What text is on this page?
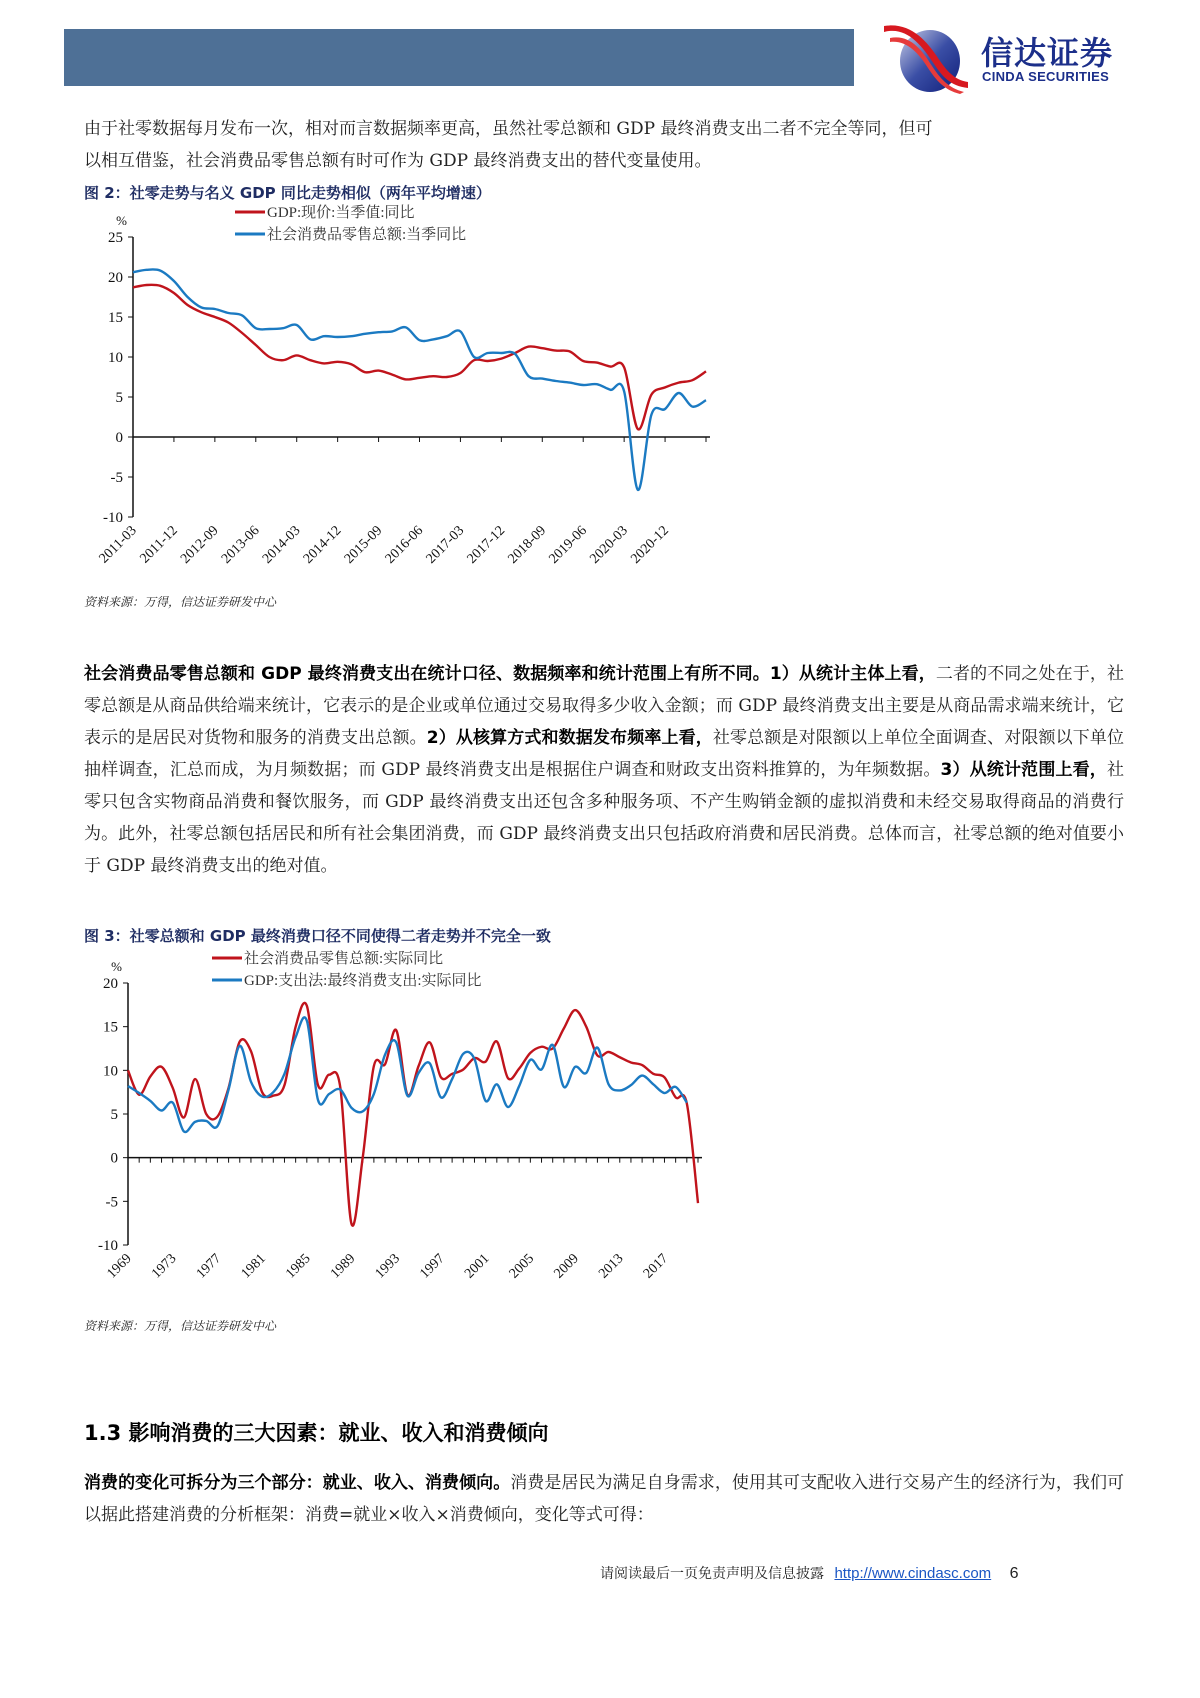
信达证券
CINDA SECURITIES
由于社零数据每月发布一次，相对而言数据频率更高，虽然社零总额和 GDP 最终消费支出二者不完全等同，但可
以相互借鉴，社会消费品零售总额有时可作为 GDP 最终消费支出的替代变量使用。
图 2：社零走势与名义 GDP 同比走势相似（两年平均增速）
-10
-5
0
5
10
15
20
25
%
2011-03
2011-12
2012-09
2013-06
2014-03
2014-12
2015-09
2016-06
2017-03
2017-12
2018-09
2019-06
2020-03
2020-12
GDP:现价:当季值:同比
社会消费品零售总额:当季同比
资料来源：万得，信达证券研发中心
社会消费品零售总额和 GDP 最终消费支出在统计口径、数据频率和统计范围上有所不同。1）从统计主体上看，二者的不同之处在于，社零总额是从商品供给端来统计，它表示的是企业或单位通过交易取得多少收入金额；而 GDP 最终消费支出主要是从商品需求端来统计，它表示的是居民对货物和服务的消费支出总额。2）从核算方式和数据发布频率上看，社零总额是对限额以上单位全面调查、对限额以下单位抽样调查，汇总而成，为月频数据；而 GDP 最终消费支出是根据住户调查和财政支出资料推算的，为年频数据。3）从统计范围上看，社零只包含实物商品消费和餐饮服务，而 GDP 最终消费支出还包含多种服务项、不产生购销金额的虚拟消费和未经交易取得商品的消费行为。此外，社零总额包括居民和所有社会集团消费，而 GDP 最终消费支出只包括政府消费和居民消费。总体而言，社零总额的绝对值要小于 GDP 最终消费支出的绝对值。
图 3：社零总额和 GDP 最终消费口径不同使得二者走势并不完全一致
-10
-5
0
5
10
15
20
%
1969 1973 1977 1981 1985 1989 1993 1997 2001 2005 2009 2013 2017
社会消费品零售总额:实际同比
GDP:支出法:最终消费支出:实际同比
资料来源：万得，信达证券研发中心
1.3 影响消费的三大因素：就业、收入和消费倾向
消费的变化可拆分为三个部分：就业、收入、消费倾向。消费是居民为满足自身需求，使用其可支配收入进行交易产生的经济行为，我们可以据此搭建消费的分析框架：消费=就业×收入×消费倾向，变化等式可得：
请阅读最后一页免责声明及信息披露 http://www.cindasc.com 6
